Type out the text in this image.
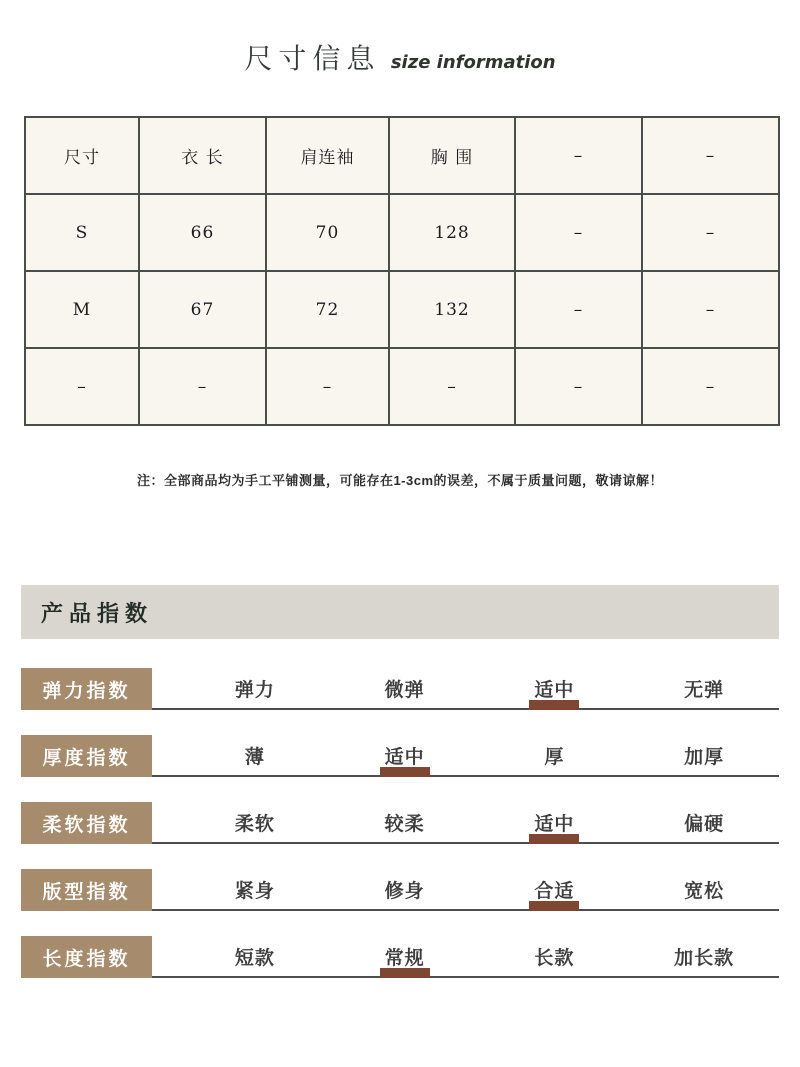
尺寸信息 size information
尺寸	衣 长	肩连袖	胸 围	–	–
S	66	70	128	–	–
M	67	72	132	–	–
–	–	–	–	–	–
注：全部商品均为手工平铺测量，可能存在1-3cm的误差，不属于质量问题，敬请谅解！
产品指数
弹力指数	弹力	微弹	适中	无弹
厚度指数	薄	适中	厚	加厚
柔软指数	柔软	较柔	适中	偏硬
版型指数	紧身	修身	合适	宽松
长度指数	短款	常规	长款	加长款
